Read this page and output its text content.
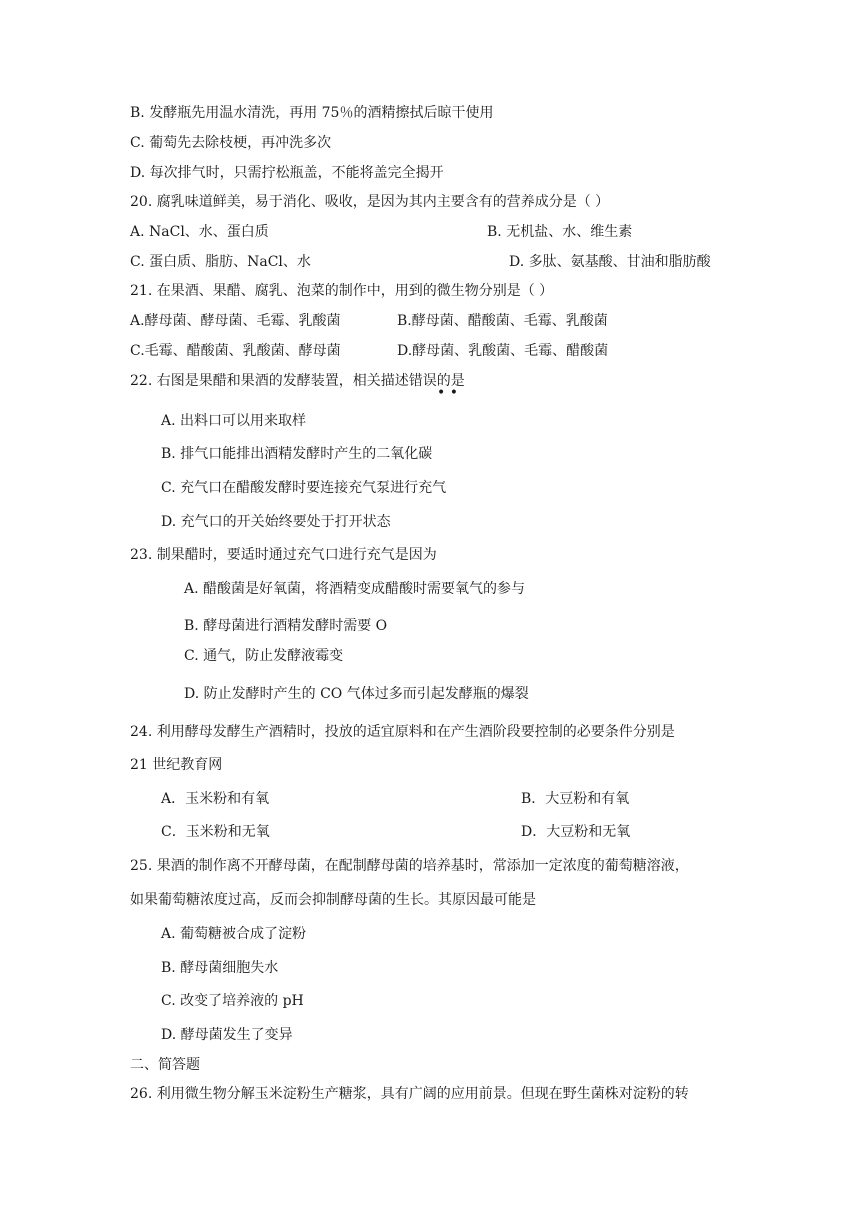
B. 发酵瓶先用温水清洗，再用 75％的酒精擦拭后晾干使用
C. 葡萄先去除枝梗，再冲洗多次
D. 每次排气时，只需拧松瓶盖，不能将盖完全揭开
20. 腐乳味道鲜美，易于消化、吸收，是因为其内主要含有的营养成分是（ ）
A. NaCl、水、蛋白质	B. 无机盐、水、维生素
C. 蛋白质、脂肪、NaCl、水	D. 多肽、氨基酸、甘油和脂肪酸
21. 在果酒、果醋、腐乳、泡菜的制作中，用到的微生物分别是（ ）
A.酵母菌、酵母菌、毛霉、乳酸菌	B.酵母菌、醋酸菌、毛霉、乳酸菌
C.毛霉、醋酸菌、乳酸菌、酵母菌	D.酵母菌、乳酸菌、毛霉、醋酸菌
22. 右图是果醋和果酒的发酵装置，相关描述错误的是
• •
A. 出料口可以用来取样
B. 排气口能排出酒精发酵时产生的二氧化碳
C. 充气口在醋酸发酵时要连接充气泵进行充气
D. 充气口的开关始终要处于打开状态
23. 制果醋时，要适时通过充气口进行充气是因为
A. 醋酸菌是好氧菌，将酒精变成醋酸时需要氧气的参与
B. 酵母菌进行酒精发酵时需要 O
C. 通气，防止发酵液霉变
D. 防止发酵时产生的 CO 气体过多而引起发酵瓶的爆裂
24. 利用酵母发酵生产酒精时，投放的适宜原料和在产生酒阶段要控制的必要条件分别是
21 世纪教育网
A．玉米粉和有氧	B．大豆粉和有氧
C．玉米粉和无氧	D．大豆粉和无氧
25. 果酒的制作离不开酵母菌，在配制酵母菌的培养基时，常添加一定浓度的葡萄糖溶液，
如果葡萄糖浓度过高，反而会抑制酵母菌的生长。其原因最可能是
A. 葡萄糖被合成了淀粉
B. 酵母菌细胞失水
C. 改变了培养液的 pH
D. 酵母菌发生了变异
二、简答题
26. 利用微生物分解玉米淀粉生产糖浆，具有广阔的应用前景。但现在野生菌株对淀粉的转
